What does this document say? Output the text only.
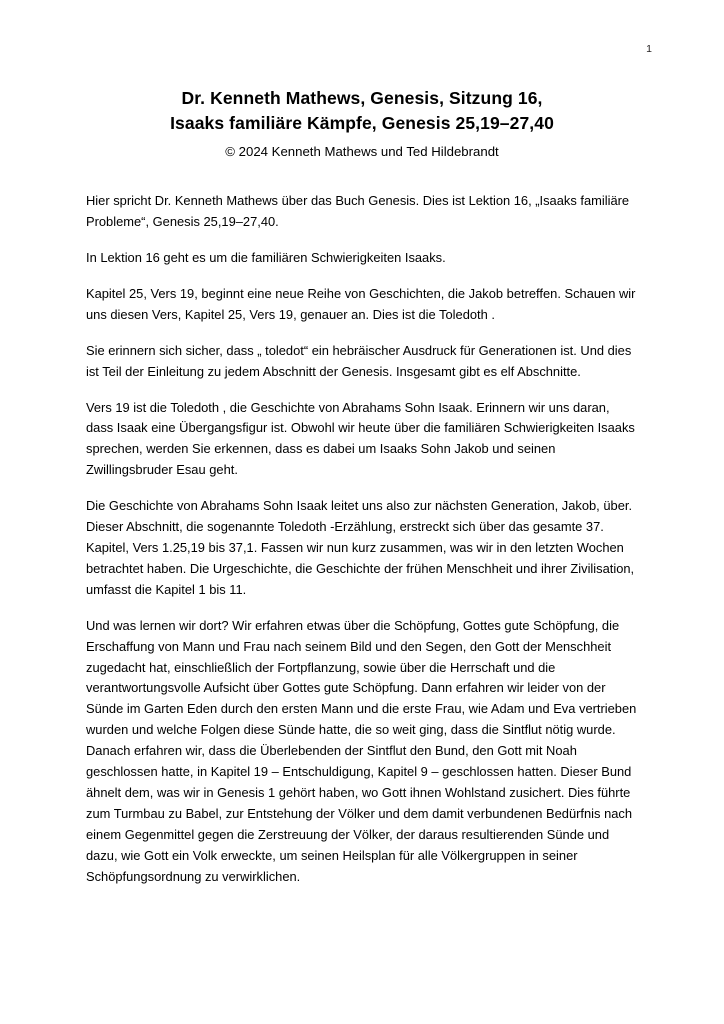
1
Dr. Kenneth Mathews, Genesis, Sitzung 16,
Isaaks familiäre Kämpfe, Genesis 25,19–27,40

© 2024 Kenneth Mathews und Ted Hildebrandt

Hier spricht Dr. Kenneth Mathews über das Buch Genesis. Dies ist Lektion 16, „Isaaks familiäre Probleme“, Genesis 25,19–27,40.

In Lektion 16 geht es um die familiären Schwierigkeiten Isaaks.

Kapitel 25, Vers 19, beginnt eine neue Reihe von Geschichten, die Jakob betreffen. Schauen wir uns diesen Vers, Kapitel 25, Vers 19, genauer an. Dies ist die Toledoth .

Sie erinnern sich sicher, dass „ toledot“ ein hebräischer Ausdruck für Generationen ist. Und dies ist Teil der Einleitung zu jedem Abschnitt der Genesis. Insgesamt gibt es elf Abschnitte.

Vers 19 ist die Toledoth , die Geschichte von Abrahams Sohn Isaak. Erinnern wir uns daran, dass Isaak eine Übergangsfigur ist. Obwohl wir heute über die familiären Schwierigkeiten Isaaks sprechen, werden Sie erkennen, dass es dabei um Isaaks Sohn Jakob und seinen Zwillingsbruder Esau geht.

Die Geschichte von Abrahams Sohn Isaak leitet uns also zur nächsten Generation, Jakob, über. Dieser Abschnitt, die sogenannte Toledoth -Erzählung, erstreckt sich über das gesamte 37. Kapitel, Vers 1.25,19 bis 37,1. Fassen wir nun kurz zusammen, was wir in den letzten Wochen betrachtet haben. Die Urgeschichte, die Geschichte der frühen Menschheit und ihrer Zivilisation, umfasst die Kapitel 1 bis 11.

Und was lernen wir dort? Wir erfahren etwas über die Schöpfung, Gottes gute Schöpfung, die Erschaffung von Mann und Frau nach seinem Bild und den Segen, den Gott der Menschheit zugedacht hat, einschließlich der Fortpflanzung, sowie über die Herrschaft und die verantwortungsvolle Aufsicht über Gottes gute Schöpfung. Dann erfahren wir leider von der Sünde im Garten Eden durch den ersten Mann und die erste Frau, wie Adam und Eva vertrieben wurden und welche Folgen diese Sünde hatte, die so weit ging, dass die Sintflut nötig wurde. Danach erfahren wir, dass die Überlebenden der Sintflut den Bund, den Gott mit Noah geschlossen hatte, in Kapitel 19 – Entschuldigung, Kapitel 9 – geschlossen hatten. Dieser Bund ähnelt dem, was wir in Genesis 1 gehört haben, wo Gott ihnen Wohlstand zusichert. Dies führte zum Turmbau zu Babel, zur Entstehung der Völker und dem damit verbundenen Bedürfnis nach einem Gegenmittel gegen die Zerstreuung der Völker, der daraus resultierenden Sünde und dazu, wie Gott ein Volk erweckte, um seinen Heilsplan für alle Völkergruppen in seiner Schöpfungsordnung zu verwirklichen.
